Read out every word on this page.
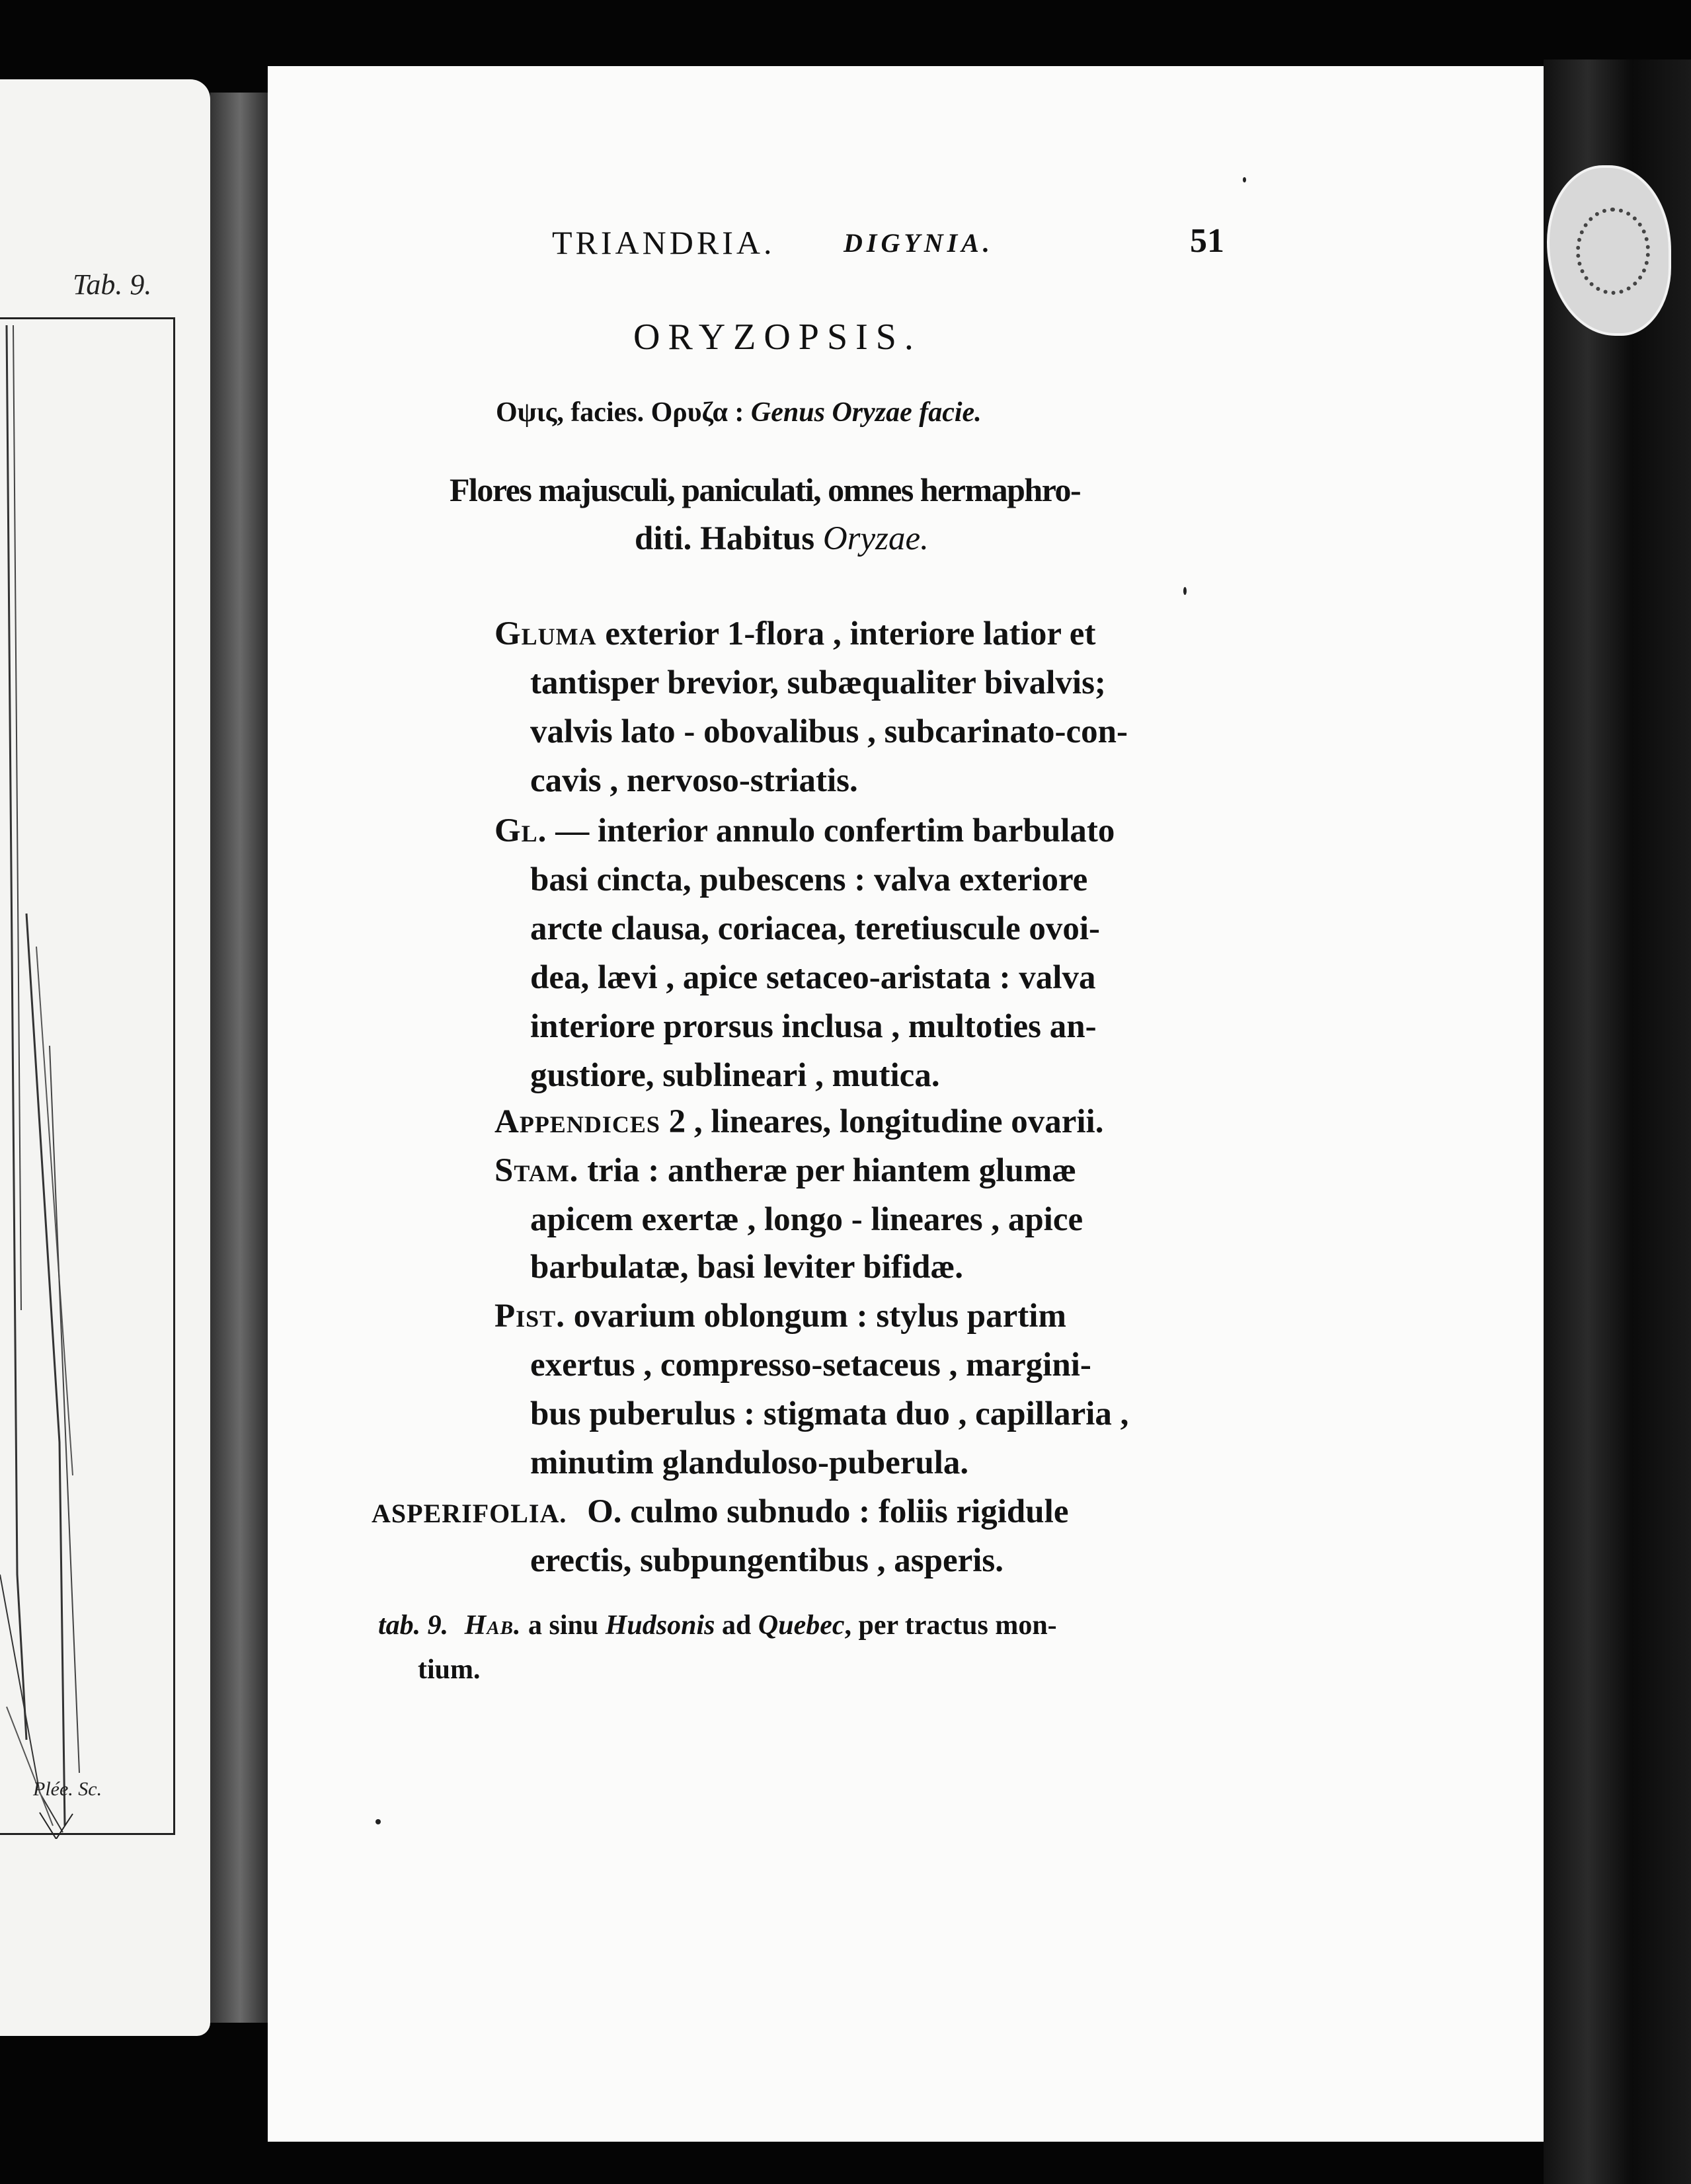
Tab. 9.
Plée. Sc.
TRIANDRIA.	DIGYNIA.	51
ORYZOPSIS.
Οψις, facies. Ορυζα : Genus Oryzae facie.
Flores majusculi, paniculati, omnes hermaphro-
diti. Habitus Oryzae.
Gluma exterior 1-flora , interiore latior et
tantisper brevior, subæqualiter bivalvis;
valvis lato - obovalibus , subcarinato-con-
cavis , nervoso-striatis.
Gl. — interior annulo confertim barbulato
basi cincta, pubescens : valva exteriore
arcte clausa, coriacea, teretiuscule ovoi-
dea, lævi , apice setaceo-aristata : valva
interiore prorsus inclusa , multoties an-
gustiore, sublineari , mutica.
Appendices 2 , lineares, longitudine ovarii.
Stam. tria : antheræ per hiantem glumæ
apicem exertæ , longo - lineares , apice
barbulatæ, basi leviter bifidæ.
Pist. ovarium oblongum : stylus partim
exertus , compresso-setaceus , margini-
bus puberulus : stigmata duo , capillaria ,
minutim glanduloso-puberula.
ASPERIFOLIA. O. culmo subnudo : foliis rigidule
erectis, subpungentibus , asperis.
tab. 9. Hab. a sinu Hudsonis ad Quebec, per tractus mon-
tium.
